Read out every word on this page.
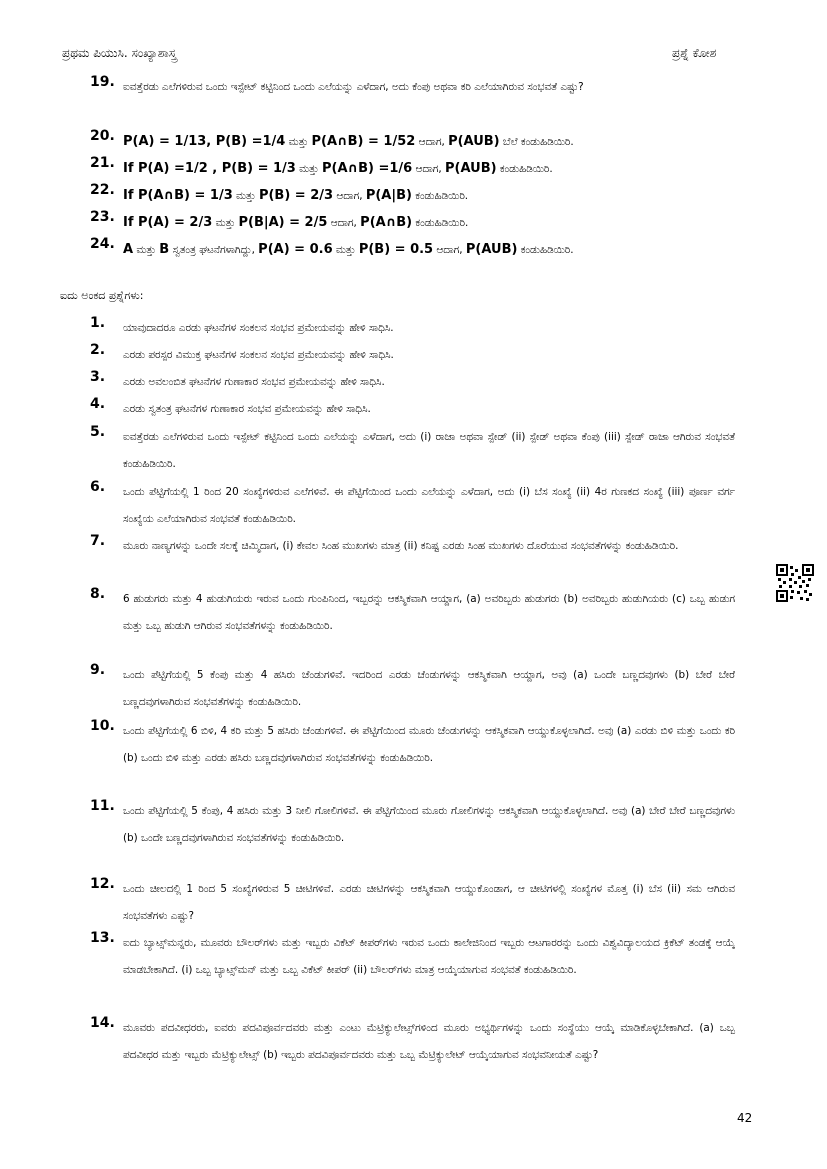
ಪ್ರಥಮ ಪಿಯುಸಿ. ಸಂಖ್ಯಾಶಾಸ್ತ್ರ	ಪ್ರಶ್ನೆ ಕೋಶ
19. ಐವತ್ತೆರಡು ಎಲೆಗಳಿರುವ ಒಂದು ಇಸ್ಪೇಟ್ ಕಟ್ಟಿನಿಂದ ಒಂದು ಎಲೆಯನ್ನು ಎಳೆದಾಗ, ಅದು ಕೆಂಪು ಅಥವಾ ಕರಿ ಎಲೆಯಾಗಿರುವ ಸಂಭವತೆ ಎಷ್ಟು?
20. P(A) = 1/13, P(B) =1/4 ಮತ್ತು P(A∩B) = 1/52 ಆದಾಗ, P(AUB) ಬೆಲೆ ಕಂಡುಹಿಡಿಯಿರಿ.
21. If P(A) =1/2 , P(B) = 1/3 ಮತ್ತು P(A∩B) =1/6 ಆದಾಗ, P(AUB) ಕಂಡುಹಿಡಿಯಿರಿ.
22. If P(A∩B) = 1/3 ಮತ್ತು P(B) = 2/3 ಆದಾಗ, P(A|B) ಕಂಡುಹಿಡಿಯಿರಿ.
23. If P(A) = 2/3 ಮತ್ತು P(B|A) = 2/5 ಆದಾಗ, P(A∩B) ಕಂಡುಹಿಡಿಯಿರಿ.
24. A ಮತ್ತು B ಸ್ವತಂತ್ರ ಘಟನೆಗಳಾಗಿದ್ದು, P(A) = 0.6 ಮತ್ತು P(B) = 0.5 ಆದಾಗ, P(AUB) ಕಂಡುಹಿಡಿಯಿರಿ.
ಐದು ಅಂಕದ ಪ್ರಶ್ನೆಗಳು:
1. ಯಾವುದಾದರೂ ಎರಡು ಘಟನೆಗಳ ಸಂಕಲನ ಸಂಭವ ಪ್ರಮೇಯವನ್ನು ಹೇಳಿ ಸಾಧಿಸಿ.
2. ಎರಡು ಪರಸ್ಪರ ವಿಮುಕ್ತ ಘಟನೆಗಳ ಸಂಕಲನ ಸಂಭವ ಪ್ರಮೇಯವನ್ನು ಹೇಳಿ ಸಾಧಿಸಿ.
3. ಎರಡು ಅವಲಂಬಿತ ಘಟನೆಗಳ ಗುಣಾಕಾರ ಸಂಭವ ಪ್ರಮೇಯವನ್ನು ಹೇಳಿ ಸಾಧಿಸಿ.
4. ಎರಡು ಸ್ವತಂತ್ರ ಘಟನೆಗಳ ಗುಣಾಕಾರ ಸಂಭವ ಪ್ರಮೇಯವನ್ನು ಹೇಳಿ ಸಾಧಿಸಿ.
5. ಐವತ್ತೆರಡು ಎಲೆಗಳಿರುವ ಒಂದು ಇಸ್ಪೇಟ್ ಕಟ್ಟಿನಿಂದ ಒಂದು ಎಲೆಯನ್ನು ಎಳೆದಾಗ, ಅದು (i) ರಾಜಾ ಅಥವಾ ಸ್ಪೇಡ್ (ii) ಸ್ಪೇಡ್ ಅಥವಾ ಕೆಂಪು (iii) ಸ್ಪೇಡ್ ರಾಜಾ ಆಗಿರುವ ಸಂಭವತೆ ಕಂಡುಹಿಡಿಯಿರಿ.
6. ಒಂದು ಪೆಟ್ಟಿಗೆಯಲ್ಲಿ 1 ರಿಂದ 20 ಸಂಖ್ಯೆಗಳಿರುವ ಎಲೆಗಳಿವೆ. ಈ ಪೆಟ್ಟಿಗೆಯಿಂದ ಒಂದು ಎಲೆಯನ್ನು ಎಳೆದಾಗ, ಅದು (i) ಬೆಸ ಸಂಖ್ಯೆ (ii) 4ರ ಗುಣಕದ ಸಂಖ್ಯೆ (iii) ಪೂರ್ಣ ವರ್ಗ ಸಂಖ್ಯೆಯ ಎಲೆಯಾಗಿರುವ ಸಂಭವತೆ ಕಂಡುಹಿಡಿಯಿರಿ.
7. ಮೂರು ನಾಣ್ಯಗಳನ್ನು ಒಂದೇ ಸಲಕ್ಕೆ ಚಿಮ್ಮಿದಾಗ, (i) ಕೇವಲ ಸಿಂಹ ಮುಖಗಳು ಮಾತ್ರ (ii) ಕನಿಷ್ಟ ಎರಡು ಸಿಂಹ ಮುಖಗಳು ದೊರೆಯುವ ಸಂಭವತೆಗಳನ್ನು ಕಂಡುಹಿಡಿಯಿರಿ.
8. 6 ಹುಡುಗರು ಮತ್ತು 4 ಹುಡುಗಿಯರು ಇರುವ ಒಂದು ಗುಂಪಿನಿಂದ, ಇಬ್ಬರನ್ನು ಆಕಸ್ಮಿಕವಾಗಿ ಆಯ್ದಾಗ, (a) ಅವರಿಬ್ಬರು ಹುಡುಗರು (b) ಅವರಿಬ್ಬರು ಹುಡುಗಿಯರು (c) ಒಬ್ಬ ಹುಡುಗ ಮತ್ತು ಒಬ್ಬ ಹುಡುಗಿ ಆಗಿರುವ ಸಂಭವತೆಗಳನ್ನು ಕಂಡುಹಿಡಿಯಿರಿ.
9. ಒಂದು ಪೆಟ್ಟಿಗೆಯಲ್ಲಿ 5 ಕೆಂಪು ಮತ್ತು 4 ಹಸಿರು ಚೆಂಡುಗಳಿವೆ. ಇದರಿಂದ ಎರಡು ಚೆಂಡುಗಳನ್ನು ಆಕಸ್ಮಿಕವಾಗಿ ಆಯ್ದಾಗ, ಅವು (a) ಒಂದೇ ಬಣ್ಣದವುಗಳು (b) ಬೇರೆ ಬೇರೆ ಬಣ್ಣದವುಗಳಾಗಿರುವ ಸಂಭವತೆಗಳನ್ನು ಕಂಡುಹಿಡಿಯಿರಿ.
10. ಒಂದು ಪೆಟ್ಟಿಗೆಯಲ್ಲಿ 6 ಬಿಳಿ, 4 ಕರಿ ಮತ್ತು 5 ಹಸಿರು ಚೆಂಡುಗಳಿವೆ. ಈ ಪೆಟ್ಟಿಗೆಯಿಂದ ಮೂರು ಚೆಂಡುಗಳನ್ನು ಆಕಸ್ಮಿಕವಾಗಿ ಆಯ್ದುಕೊಳ್ಳಲಾಗಿದೆ. ಅವು (a) ಎರಡು ಬಿಳಿ ಮತ್ತು ಒಂದು ಕರಿ (b) ಒಂದು ಬಿಳಿ ಮತ್ತು ಎರಡು ಹಸಿರು ಬಣ್ಣದವುಗಳಾಗಿರುವ ಸಂಭವತೆಗಳನ್ನು ಕಂಡುಹಿಡಿಯಿರಿ.
11. ಒಂದು ಪೆಟ್ಟಿಗೆಯಲ್ಲಿ 5 ಕೆಂಪು, 4 ಹಸಿರು ಮತ್ತು 3 ನೀಲಿ ಗೋಲಿಗಳಿವೆ. ಈ ಪೆಟ್ಟಿಗೆಯಿಂದ ಮೂರು ಗೋಲಿಗಳನ್ನು ಆಕಸ್ಮಿಕವಾಗಿ ಆಯ್ದುಕೊಳ್ಳಲಾಗಿದೆ. ಅವು (a) ಬೇರೆ ಬೇರೆ ಬಣ್ಣದವುಗಳು (b) ಒಂದೇ ಬಣ್ಣದವುಗಳಾಗಿರುವ ಸಂಭವತೆಗಳನ್ನು ಕಂಡುಹಿಡಿಯಿರಿ.
12. ಒಂದು ಚೀಲದಲ್ಲಿ 1 ರಿಂದ 5 ಸಂಖ್ಯೆಗಳಿರುವ 5 ಚೀಟಿಗಳಿವೆ. ಎರಡು ಚೀಟಿಗಳನ್ನು ಆಕಸ್ಮಿಕವಾಗಿ ಆಯ್ದುಕೊಂಡಾಗ, ಆ ಚೀಟಿಗಳಲ್ಲಿ ಸಂಖ್ಯೆಗಳ ಮೊತ್ತ (i) ಬೆಸ (ii) ಸಮ ಆಗಿರುವ ಸಂಭವತೆಗಳು ಎಷ್ಟು?
13. ಐದು ಬ್ಯಾಟ್ಸ್‌ಮನ್ನರು, ಮೂವರು ಬೌಲರ್‌ಗಳು ಮತ್ತು ಇಬ್ಬರು ವಿಕೆಟ್ ಕೀಪರ್‌ಗಳು ಇರುವ ಒಂದು ಕಾಲೇಜಿನಿಂದ ಇಬ್ಬರು ಆಟಗಾರರನ್ನು ಒಂದು ವಿಶ್ವವಿದ್ಯಾಲಯದ ಕ್ರಿಕೆಟ್ ತಂಡಕ್ಕೆ ಆಯ್ಕೆ ಮಾಡಬೇಕಾಗಿದೆ. (i) ಒಬ್ಬ ಬ್ಯಾಟ್ಸ್‌ಮನ್ ಮತ್ತು ಒಬ್ಬ ವಿಕೆಟ್ ಕೀಪರ್ (ii) ಬೌಲರ್‌ಗಳು ಮಾತ್ರ ಆಯ್ಕೆಯಾಗುವ ಸಂಭವತೆ ಕಂಡುಹಿಡಿಯಿರಿ.
14. ಮೂವರು ಪದವೀಧರರು, ಐವರು ಪದವಿಪೂರ್ವದವರು ಮತ್ತು ಎಂಟು ಮೆಟ್ರಿಕ್ಯುಲೇಟ್ಸ್‌ಗಳಿಂದ ಮೂರು ಅಭ್ಯರ್ಥಿಗಳನ್ನು ಒಂದು ಸಂಸ್ಥೆಯು ಆಯ್ಕೆ ಮಾಡಿಕೊಳ್ಳಬೇಕಾಗಿದೆ. (a) ಒಬ್ಬ ಪದವೀಧರ ಮತ್ತು ಇಬ್ಬರು ಮೆಟ್ರಿಕ್ಯುಲೇಟ್ಸ್ (b) ಇಬ್ಬರು ಪದವಿಪೂರ್ವದವರು ಮತ್ತು ಒಬ್ಬ ಮೆಟ್ರಿಕ್ಯುಲೇಟ್ ಆಯ್ಕೆಯಾಗುವ ಸಂಭವನೀಯತೆ ಎಷ್ಟು?
42
